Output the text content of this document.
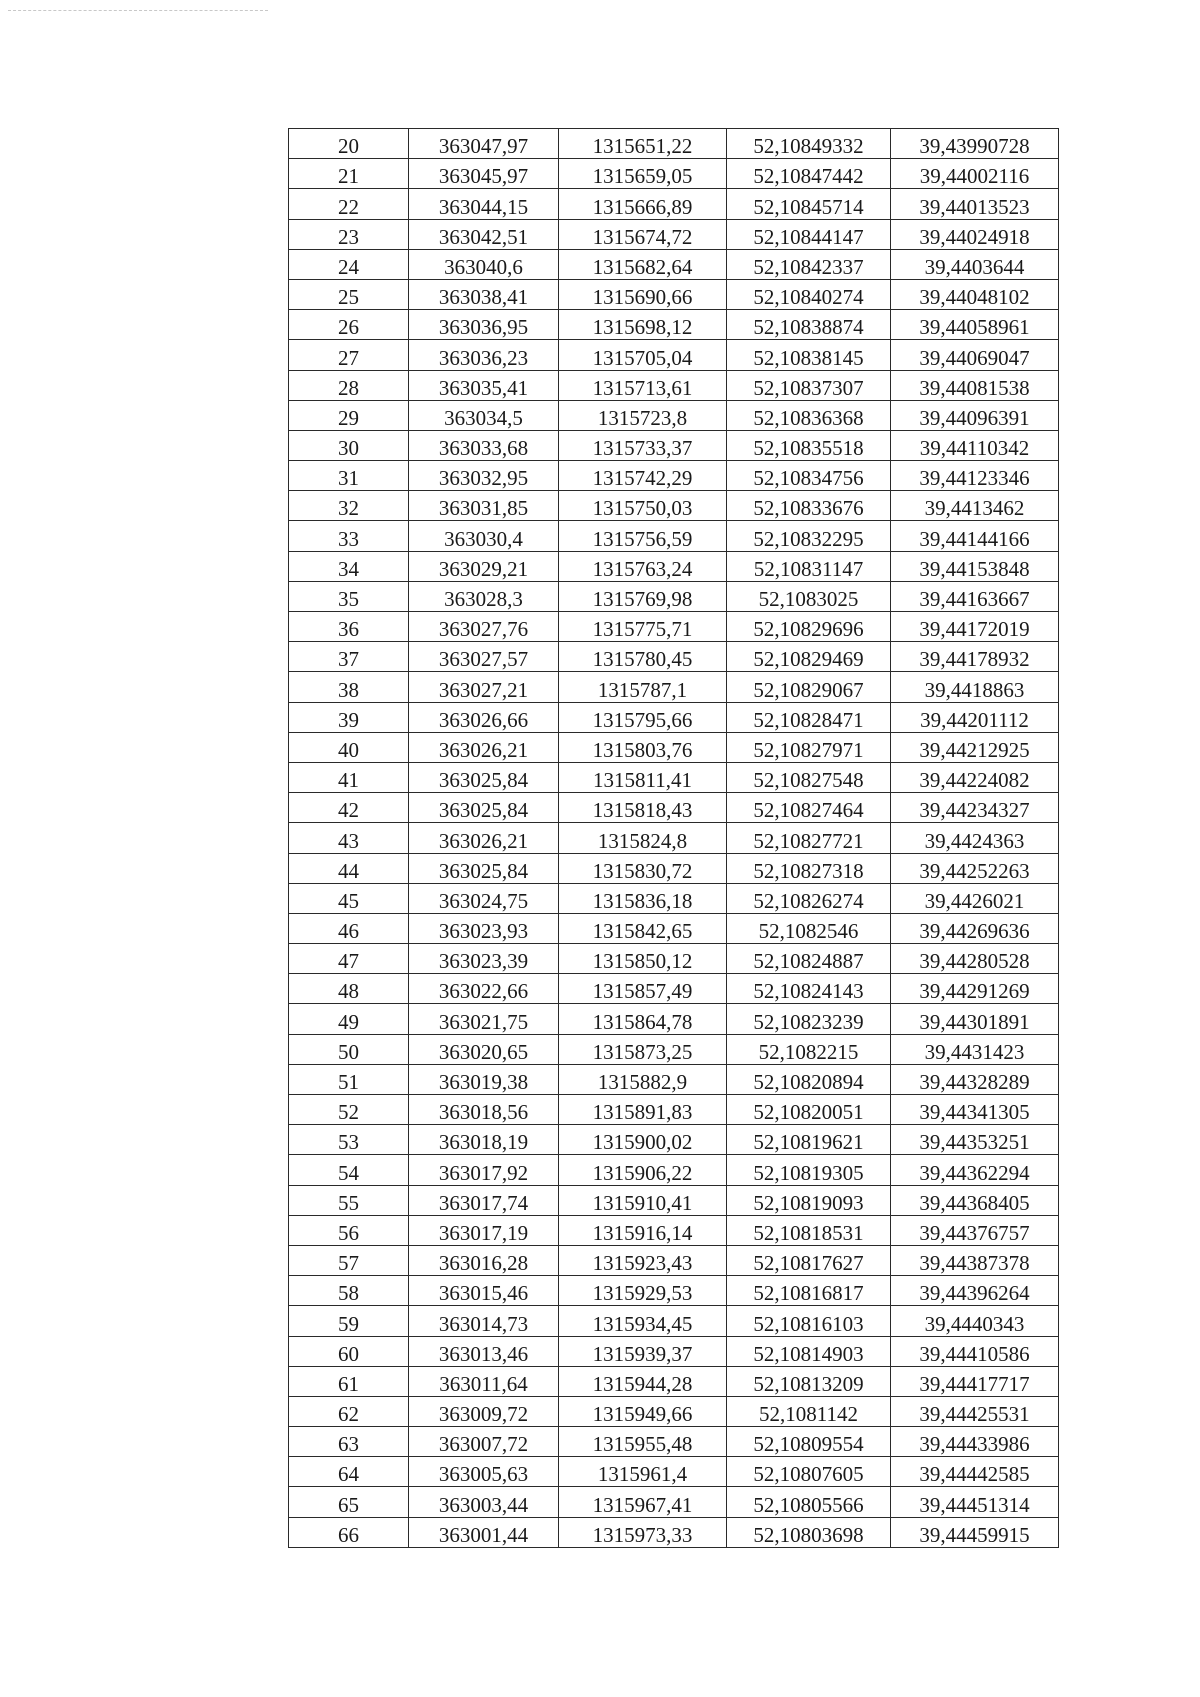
20	363047,97	1315651,22	52,10849332	39,43990728
21	363045,97	1315659,05	52,10847442	39,44002116
22	363044,15	1315666,89	52,10845714	39,44013523
23	363042,51	1315674,72	52,10844147	39,44024918
24	363040,6	1315682,64	52,10842337	39,4403644
25	363038,41	1315690,66	52,10840274	39,44048102
26	363036,95	1315698,12	52,10838874	39,44058961
27	363036,23	1315705,04	52,10838145	39,44069047
28	363035,41	1315713,61	52,10837307	39,44081538
29	363034,5	1315723,8	52,10836368	39,44096391
30	363033,68	1315733,37	52,10835518	39,44110342
31	363032,95	1315742,29	52,10834756	39,44123346
32	363031,85	1315750,03	52,10833676	39,4413462
33	363030,4	1315756,59	52,10832295	39,44144166
34	363029,21	1315763,24	52,10831147	39,44153848
35	363028,3	1315769,98	52,1083025	39,44163667
36	363027,76	1315775,71	52,10829696	39,44172019
37	363027,57	1315780,45	52,10829469	39,44178932
38	363027,21	1315787,1	52,10829067	39,4418863
39	363026,66	1315795,66	52,10828471	39,44201112
40	363026,21	1315803,76	52,10827971	39,44212925
41	363025,84	1315811,41	52,10827548	39,44224082
42	363025,84	1315818,43	52,10827464	39,44234327
43	363026,21	1315824,8	52,10827721	39,4424363
44	363025,84	1315830,72	52,10827318	39,44252263
45	363024,75	1315836,18	52,10826274	39,4426021
46	363023,93	1315842,65	52,1082546	39,44269636
47	363023,39	1315850,12	52,10824887	39,44280528
48	363022,66	1315857,49	52,10824143	39,44291269
49	363021,75	1315864,78	52,10823239	39,44301891
50	363020,65	1315873,25	52,1082215	39,4431423
51	363019,38	1315882,9	52,10820894	39,44328289
52	363018,56	1315891,83	52,10820051	39,44341305
53	363018,19	1315900,02	52,10819621	39,44353251
54	363017,92	1315906,22	52,10819305	39,44362294
55	363017,74	1315910,41	52,10819093	39,44368405
56	363017,19	1315916,14	52,10818531	39,44376757
57	363016,28	1315923,43	52,10817627	39,44387378
58	363015,46	1315929,53	52,10816817	39,44396264
59	363014,73	1315934,45	52,10816103	39,4440343
60	363013,46	1315939,37	52,10814903	39,44410586
61	363011,64	1315944,28	52,10813209	39,44417717
62	363009,72	1315949,66	52,1081142	39,44425531
63	363007,72	1315955,48	52,10809554	39,44433986
64	363005,63	1315961,4	52,10807605	39,44442585
65	363003,44	1315967,41	52,10805566	39,44451314
66	363001,44	1315973,33	52,10803698	39,44459915
